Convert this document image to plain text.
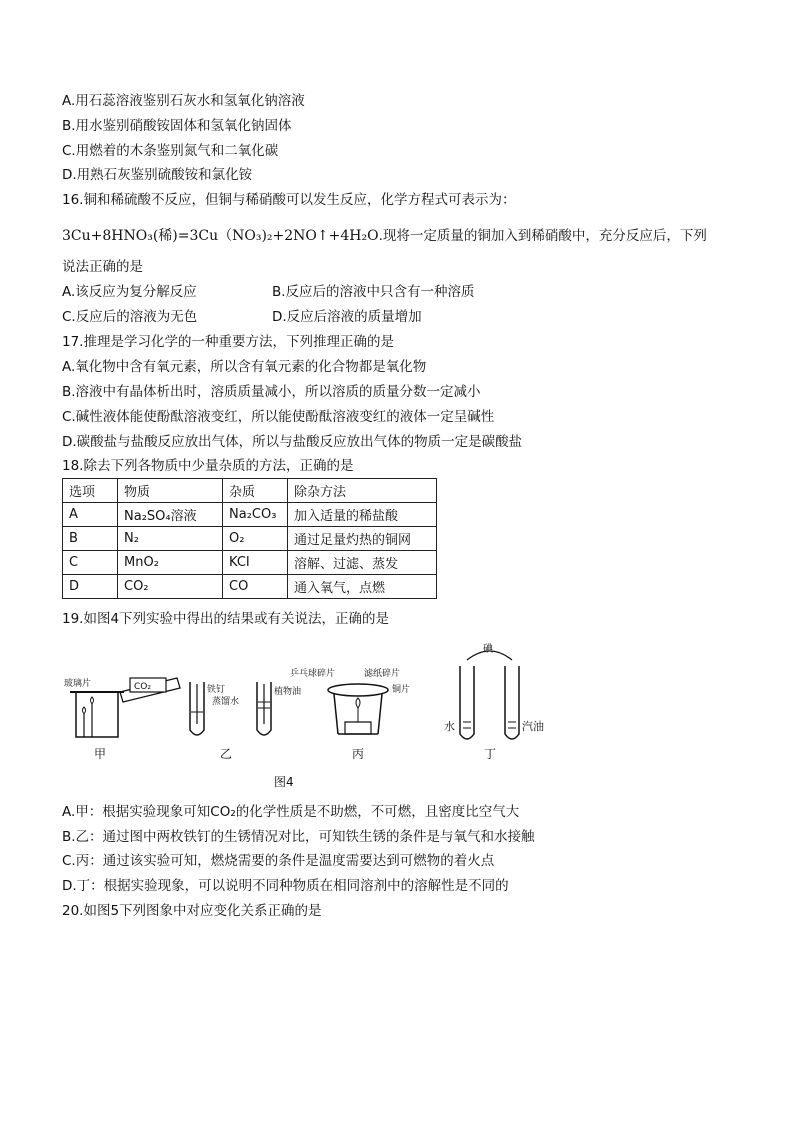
A.用石蕊溶液鉴别石灰水和氢氧化钠溶液
B.用水鉴别硝酸铵固体和氢氧化钠固体
C.用燃着的木条鉴别氮气和二氧化碳
D.用熟石灰鉴别硫酸铵和氯化铵
16.铜和稀硫酸不反应，但铜与稀硝酸可以发生反应，化学方程式可表示为：
3Cu+8HNO₃(稀)=3Cu（NO₃)₂+2NO↑+4H₂O.现将一定质量的铜加入到稀硝酸中，充分反应后，下列
说法正确的是
A.该反应为复分解反应	B.反应后的溶液中只含有一种溶质
C.反应后的溶液为无色	D.反应后溶液的质量增加
17.推理是学习化学的一种重要方法，下列推理正确的是
A.氧化物中含有氧元素，所以含有氧元素的化合物都是氧化物
B.溶液中有晶体析出时，溶质质量减小，所以溶质的质量分数一定减小
C.碱性液体能使酚酞溶液变红，所以能使酚酞溶液变红的液体一定呈碱性
D.碳酸盐与盐酸反应放出气体，所以与盐酸反应放出气体的物质一定是碳酸盐
18.除去下列各物质中少量杂质的方法，正确的是
选项	物质	杂质	除杂方法
A	Na₂SO₄溶液	Na₂CO₃	加入适量的稀盐酸
B	N₂	O₂	通过足量灼热的铜网
C	MnO₂	KCI	溶解、过滤、蒸发
D	CO₂	CO	通入氧气，点燃
19.如图4下列实验中得出的结果或有关说法，正确的是
CO₂
玻璃片
甲
铁钉
蒸馏水
植物油
乙
乒乓球碎片	滤纸碎片
铜片
丙
碘
水	汽油
丁
图4
A.甲：根据实验现象可知CO₂的化学性质是不助燃，不可燃，且密度比空气大
B.乙：通过图中两枚铁钉的生锈情况对比，可知铁生锈的条件是与氧气和水接触
C.丙：通过该实验可知，燃烧需要的条件是温度需要达到可燃物的着火点
D.丁：根据实验现象，可以说明不同种物质在相同溶剂中的溶解性是不同的
20.如图5下列图象中对应变化关系正确的是
